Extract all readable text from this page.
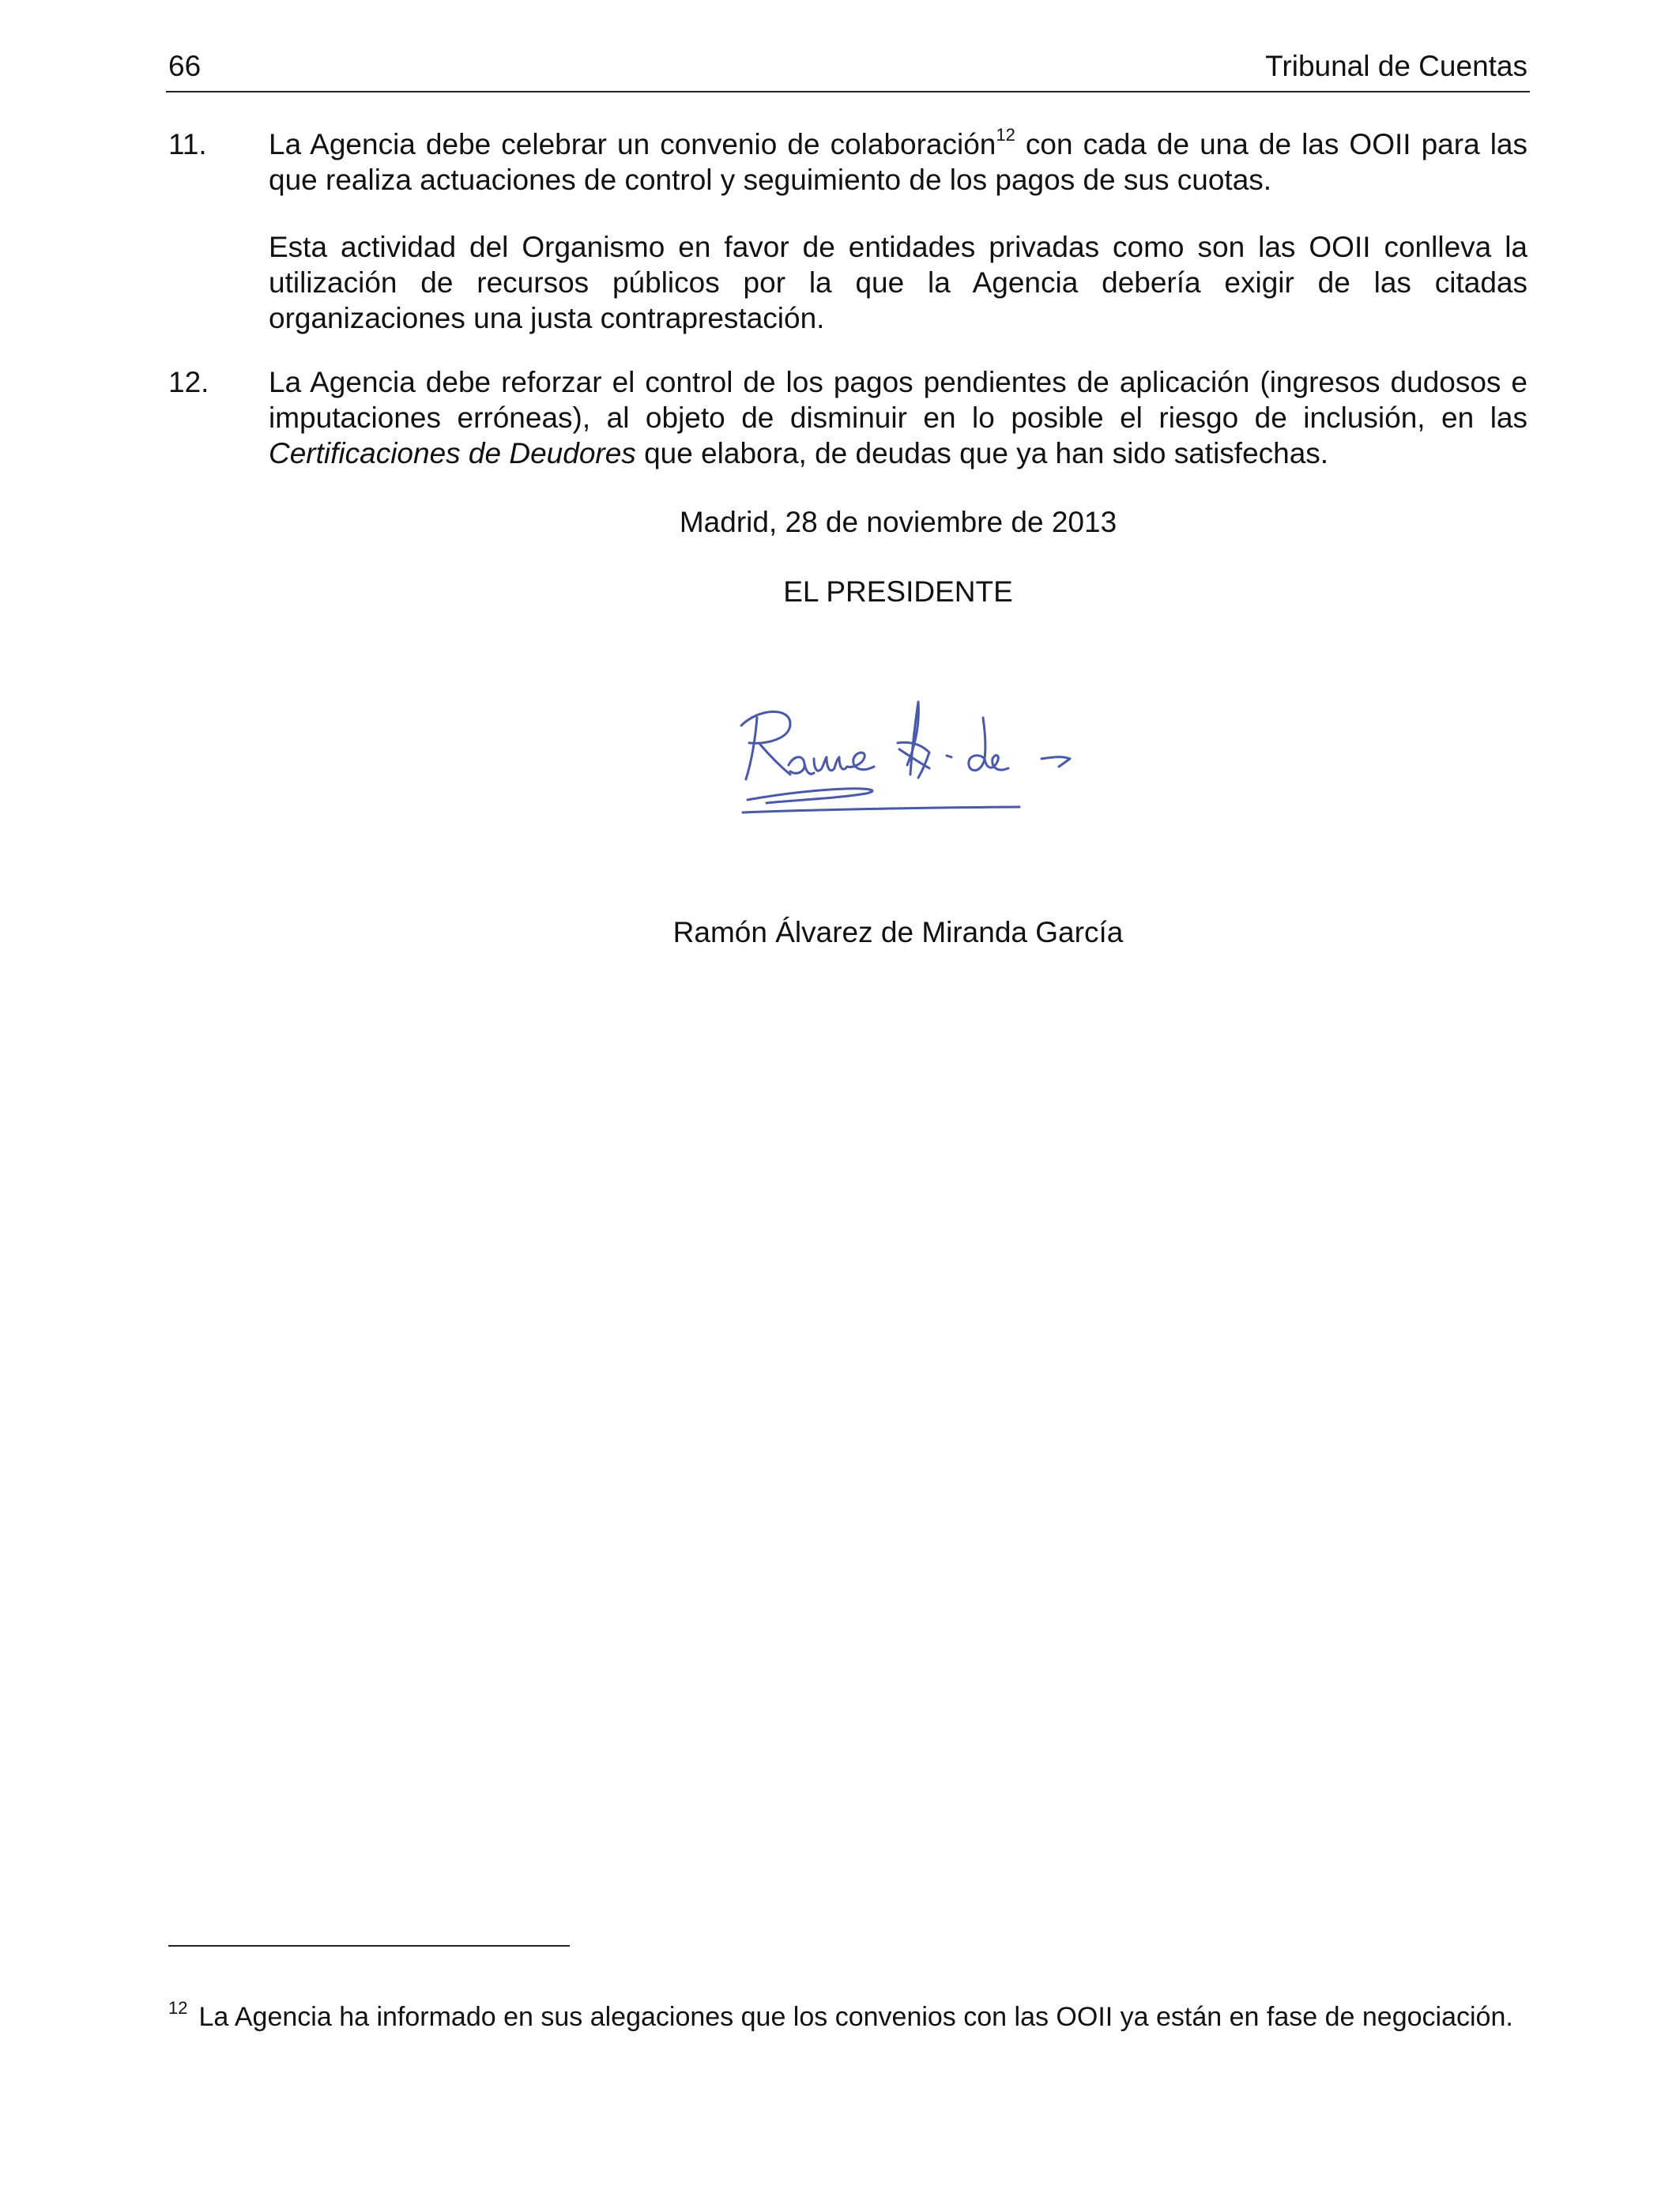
66	Tribunal de Cuentas
11. La Agencia debe celebrar un convenio de colaboración$^{12}$ con cada de una de las OOII para las que realiza actuaciones de control y seguimiento de los pagos de sus cuotas.

Esta actividad del Organismo en favor de entidades privadas como son las OOII conlleva la utilización de recursos públicos por la que la Agencia debería exigir de las citadas organizaciones una justa contraprestación.

12. La Agencia debe reforzar el control de los pagos pendientes de aplicación (ingresos dudosos e imputaciones erróneas), al objeto de disminuir en lo posible el riesgo de inclusión, en las Certificaciones de Deudores que elabora, de deudas que ya han sido satisfechas.

Madrid, 28 de noviembre de 2013
EL PRESIDENTE
Ramón Álvarez de Miranda García
$^{12}$ La Agencia ha informado en sus alegaciones que los convenios con las OOII ya están en fase de negociación.
